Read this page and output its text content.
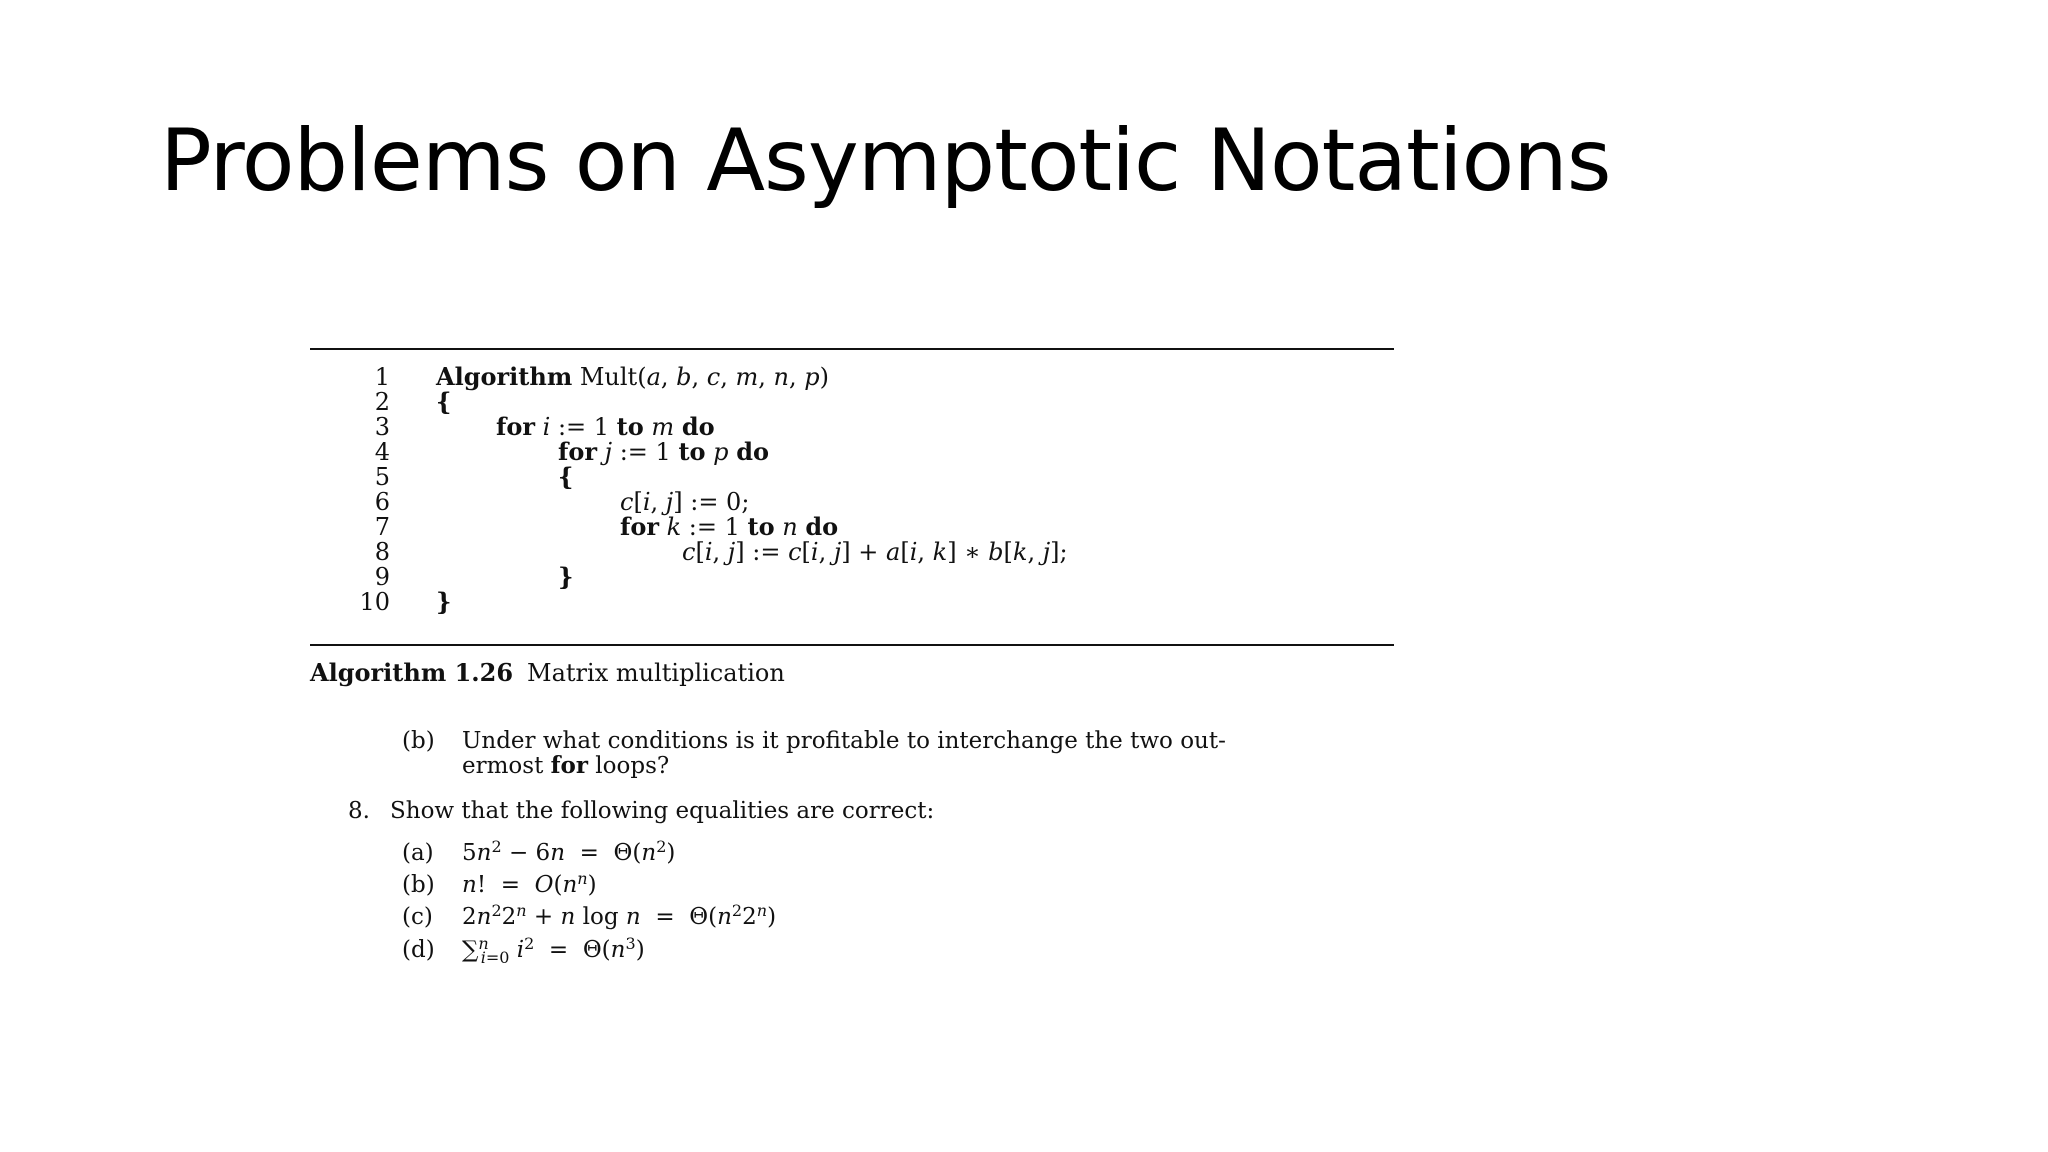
Problems on Asymptotic Notations
1 Algorithm Mult(a, b, c, m, n, p)
2 {
3	for i := 1 to m do
4	for j := 1 to p do
5	{
6	c[i, j] := 0;
7	for k := 1 to n do
8	c[i, j] := c[i, j] + a[i, k] ∗ b[k, j];
9	}
10 }
Algorithm 1.26 Matrix multiplication
(b) Under what conditions is it profitable to interchange the two out-
ermost for loops?
8. Show that the following equalities are correct:
(a) $5n^2 - 6n = \Theta(n^2)$
(b) n!  =  $O(n^n)$
(c) $2n^22^n + n$ $\log n = \Theta(n^22^n)$
(d) ∑$^n_{i=0}$ $i^2 = \Theta(n^3)$
